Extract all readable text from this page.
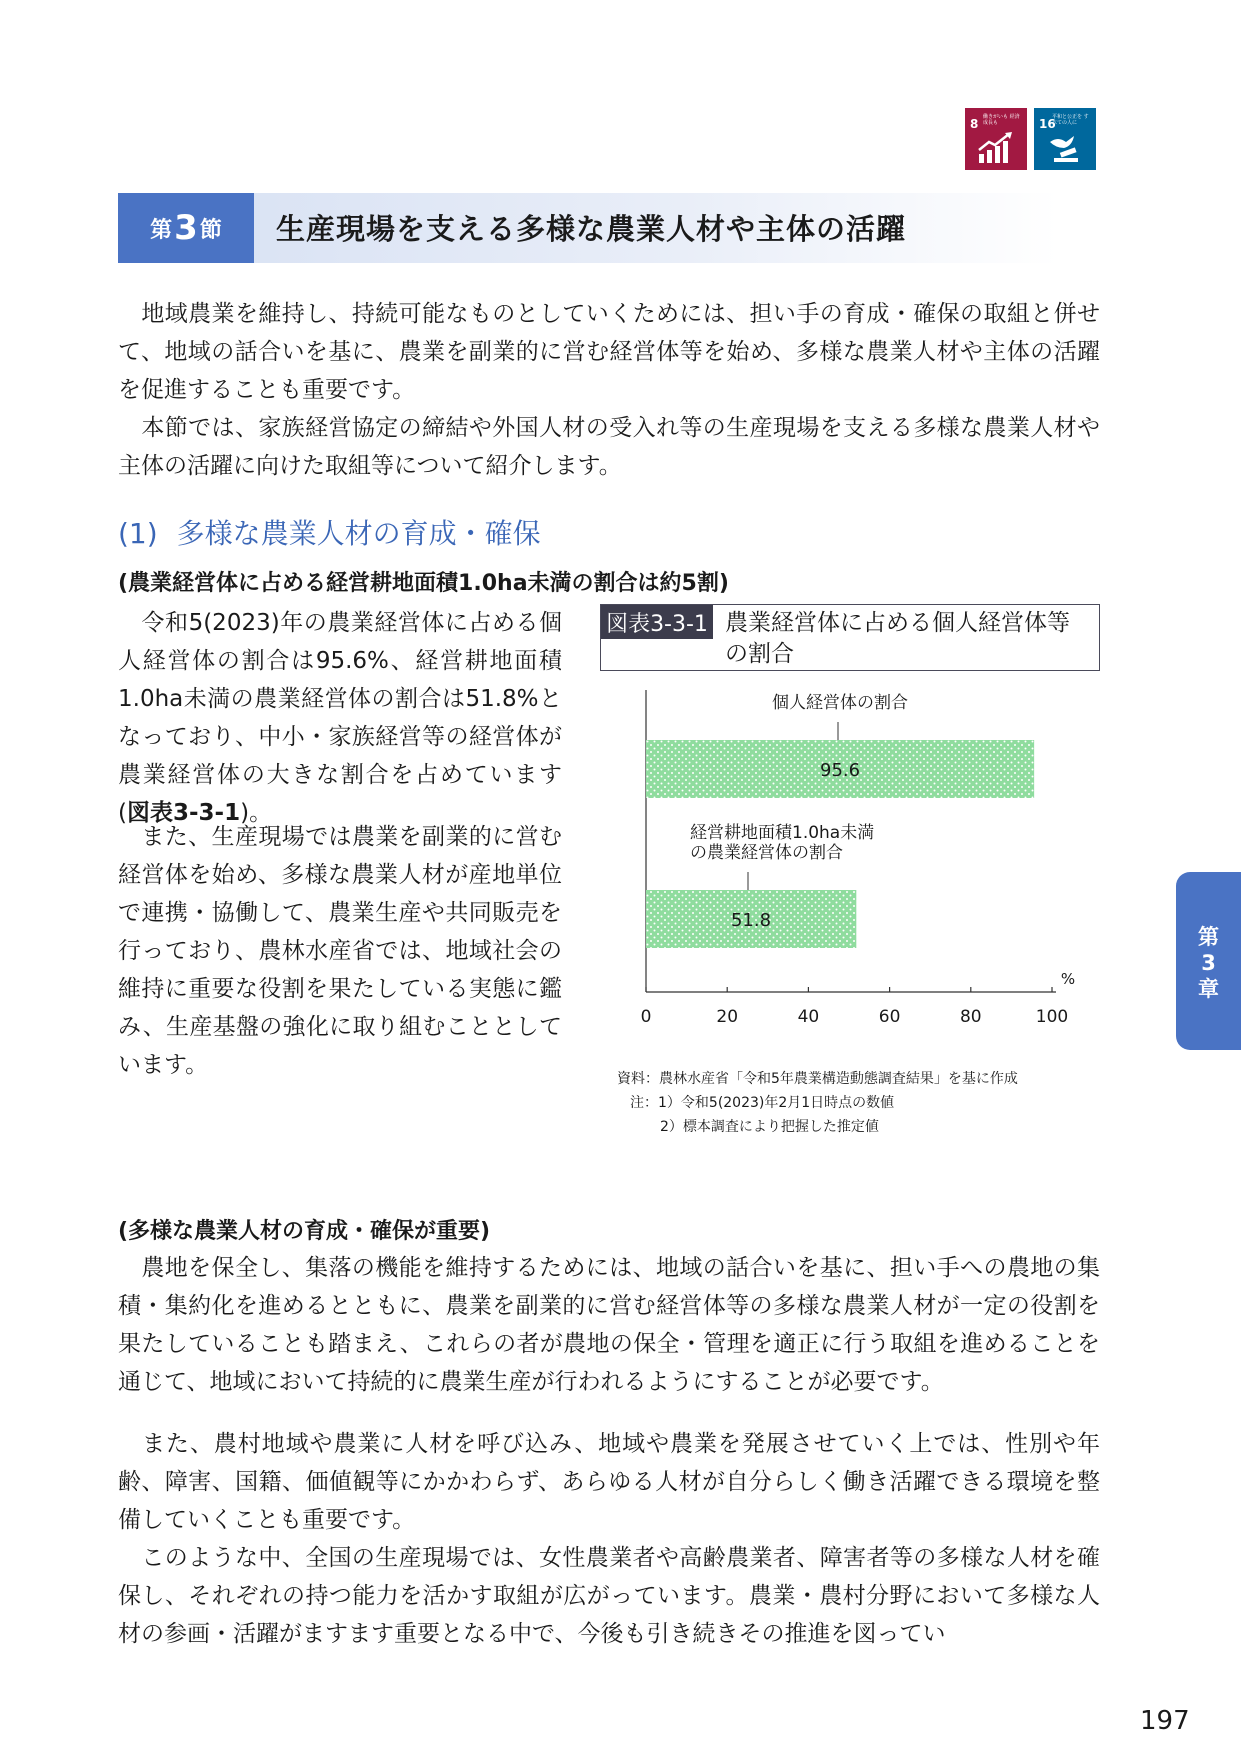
8 働きがいも 経済成長も	16
平和と公正を すべての人に
第 3 節 生産現場を支える多様な農業人材や主体の活躍
　地域農業を維持し、持続可能なものとしていくためには、担い手の育成・確保の取組と併せて、地域の話合いを基に、農業を副業的に営む経営体等を始め、多様な農業人材や主体の活躍を促進することも重要です。
　本節では、家族経営協定の締結や外国人材の受入れ等の生産現場を支える多様な農業人材や主体の活躍に向けた取組等について紹介します。
(1) 多様な農業人材の育成・確保
(農業経営体に占める経営耕地面積1.0ha未満の割合は約5割)
　令和5(2023)年の農業経営体に占める個人経営体の割合は95.6%、経営耕地面積1.0ha未満の農業経営体の割合は51.8%となっており、中小・家族経営等の経営体が農業経営体の大きな割合を占めています(図表3-3-1)。
　また、生産現場では農業を副業的に営む経営体を始め、多様な農業人材が産地単位で連携・協働して、農業生産や共同販売を行っており、農林水産省では、地域社会の維持に重要な役割を果たしている実態に鑑み、生産基盤の強化に取り組むこととしています。
図表3-3-1 農業経営体に占める個人経営体等の割合
0	20	40	60	80	100
%
95.6
個人経営体の割合
51.8
経営耕地面積1.0ha未満
の農業経営体の割合
資料：農林水産省「令和5年農業構造動態調査結果」を基に作成
注：1）令和5(2023)年2月1日時点の数値
2）標本調査により把握した推定値
(多様な農業人材の育成・確保が重要)
　農地を保全し、集落の機能を維持するためには、地域の話合いを基に、担い手への農地の集積・集約化を進めるとともに、農業を副業的に営む経営体等の多様な農業人材が一定の役割を果たしていることも踏まえ、これらの者が農地の保全・管理を適正に行う取組を進めることを通じて、地域において持続的に農業生産が行われるようにすることが必要です。
　また、農村地域や農業に人材を呼び込み、地域や農業を発展させていく上では、性別や年齢、障害、国籍、価値観等にかかわらず、あらゆる人材が自分らしく働き活躍できる環境を整備していくことも重要です。
　このような中、全国の生産現場では、女性農業者や高齢農業者、障害者等の多様な人材を確保し、それぞれの持つ能力を活かす取組が広がっています。農業・農村分野において多様な人材の参画・活躍がますます重要となる中で、今後も引き続きその推進を図ってい
第
3
章
197
